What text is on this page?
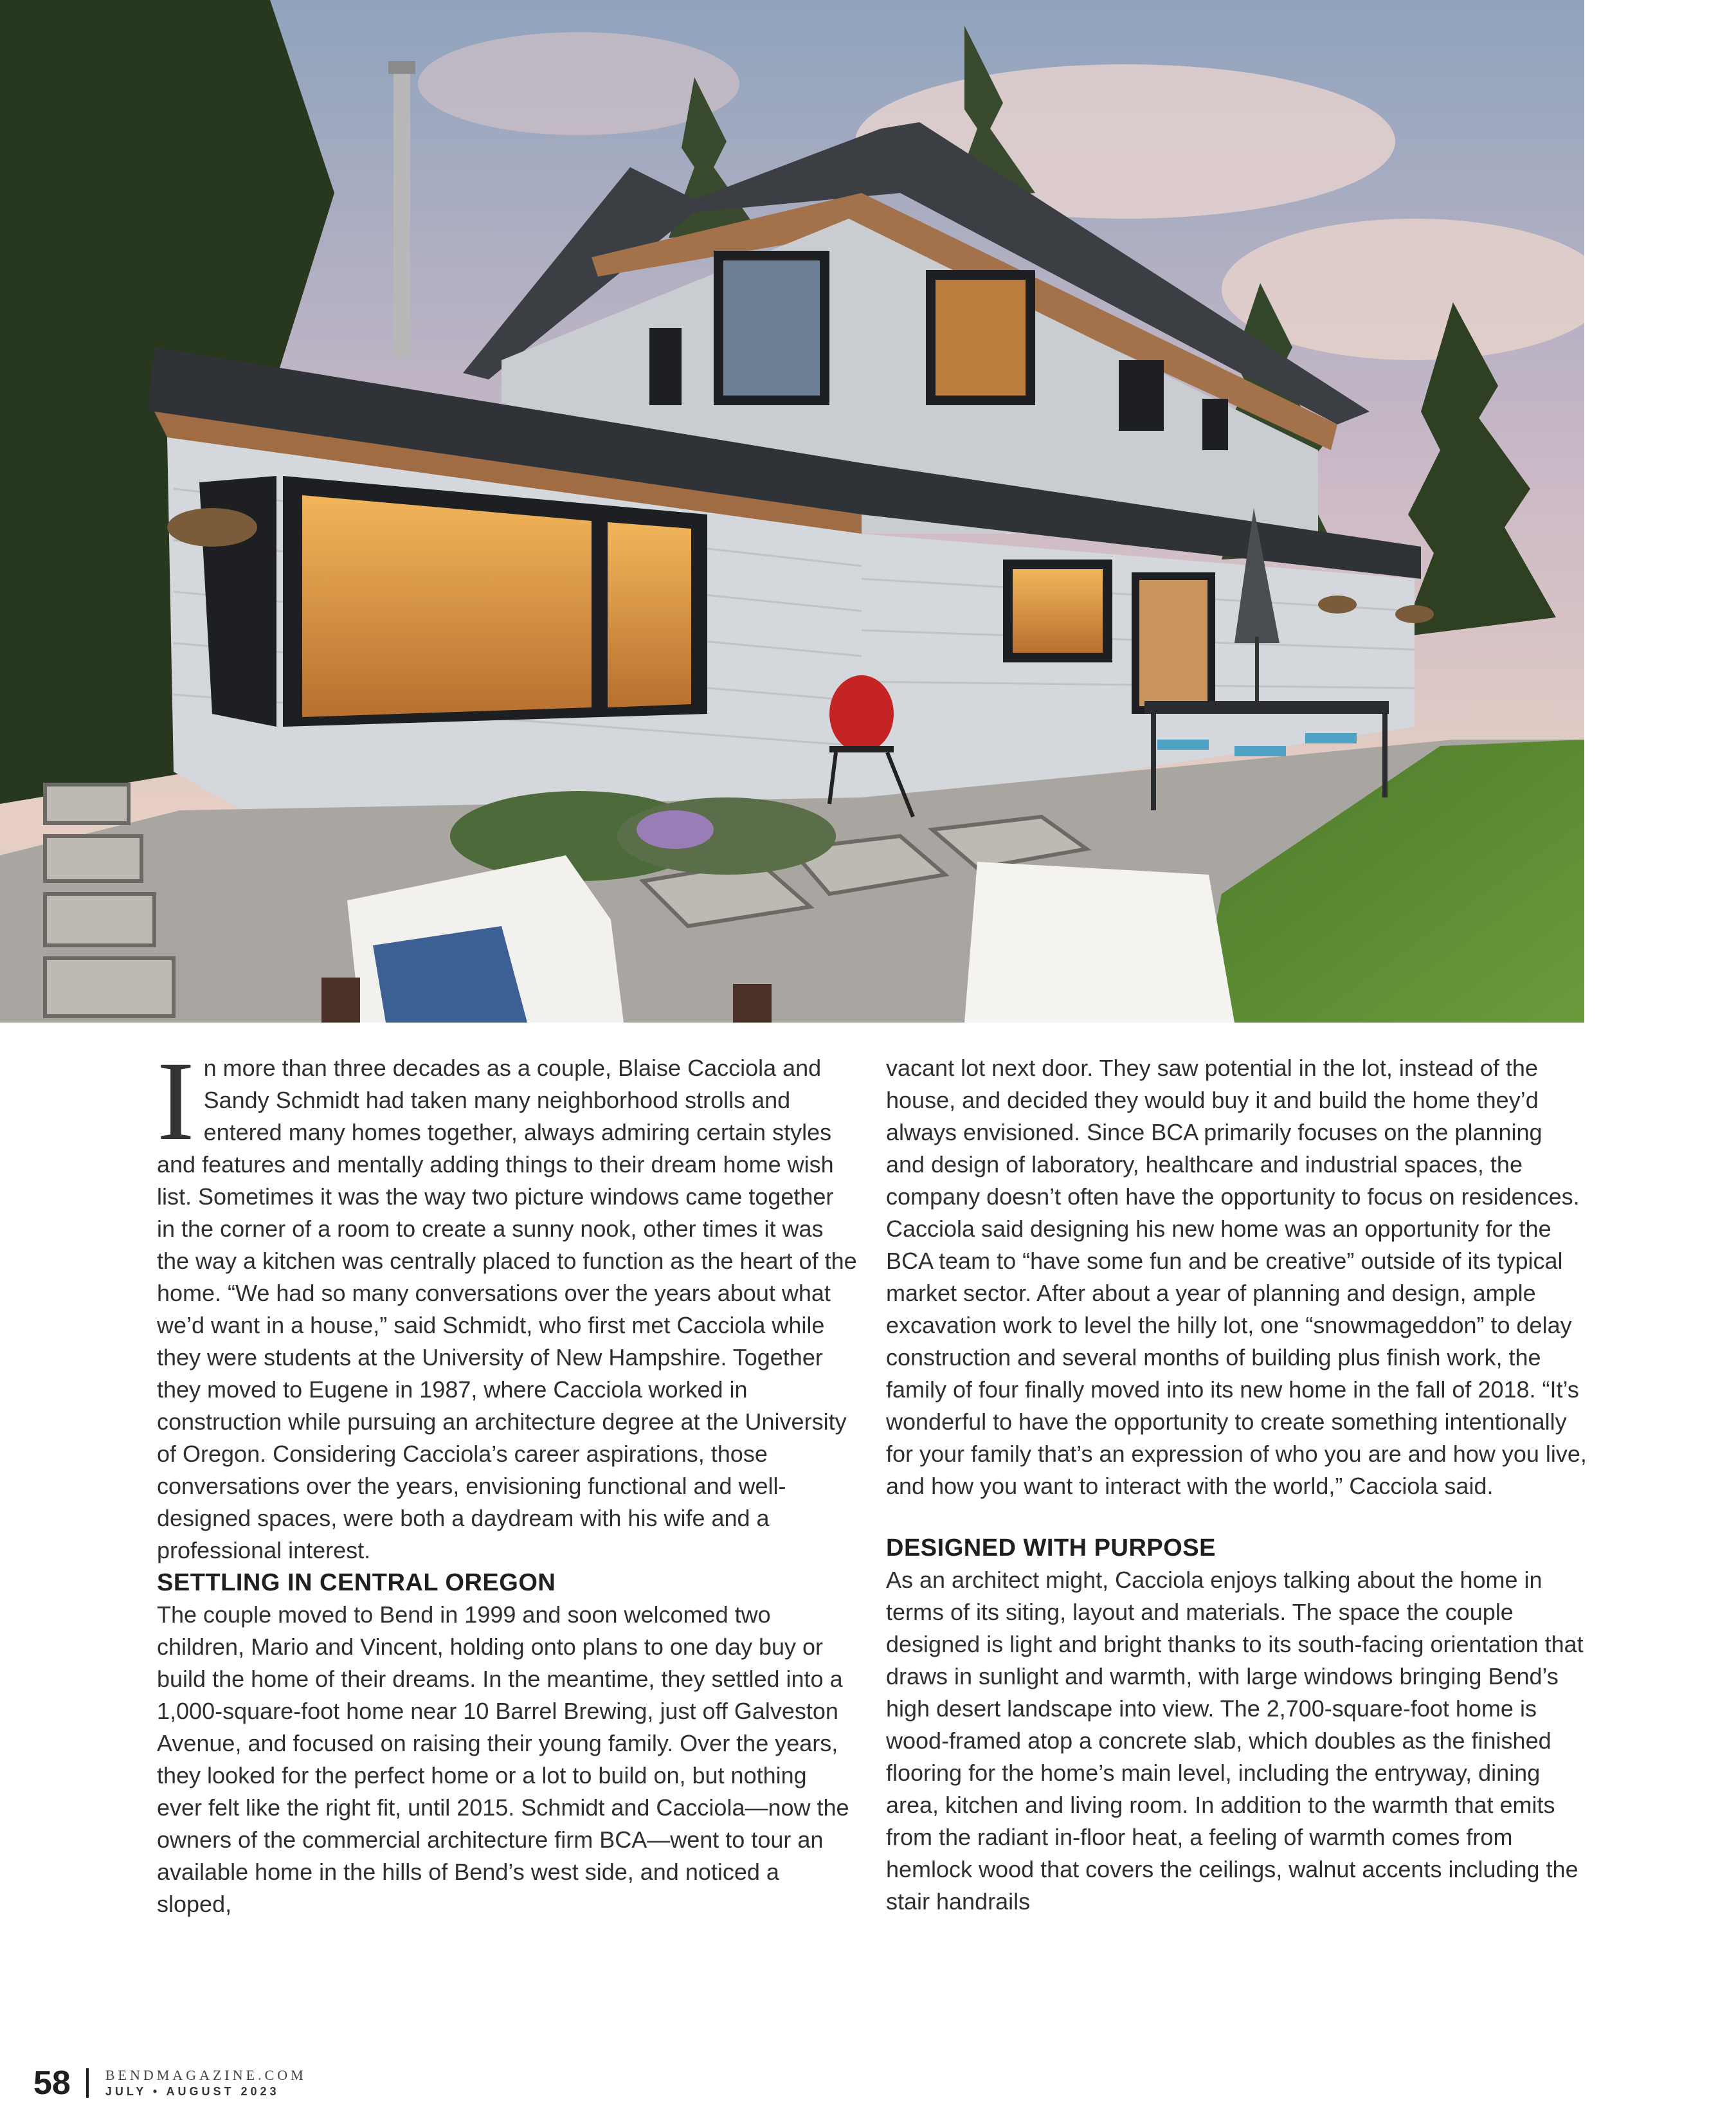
In more than three decades as a couple, Blaise Cacciola and Sandy Schmidt had taken many neighborhood strolls and entered many homes together, always admiring certain styles and features and mentally adding things to their dream home wish list. Sometimes it was the way two picture windows came together in the corner of a room to create a sunny nook, other times it was the way a kitchen was centrally placed to function as the heart of the home. “We had so many conversations over the years about what we’d want in a house,” said Schmidt, who first met Cacciola while they were students at the University of New Hampshire. Together they moved to Eugene in 1987, where Cacciola worked in construction while pursuing an architecture degree at the University of Oregon. Considering Cacciola’s career aspirations, those conversations over the years, envisioning functional and well-designed spaces, were both a daydream with his wife and a professional interest.

SETTLING IN CENTRAL OREGON

The couple moved to Bend in 1999 and soon welcomed two children, Mario and Vincent, holding onto plans to one day buy or build the home of their dreams. In the meantime, they settled into a 1,000-square-foot home near 10 Barrel Brewing, just off Galveston Avenue, and focused on raising their young family. Over the years, they looked for the perfect home or a lot to build on, but nothing ever felt like the right fit, until 2015. Schmidt and Cacciola—now the owners of the commercial architecture firm BCA—went to tour an available home in the hills of Bend’s west side, and noticed a sloped,

vacant lot next door. They saw potential in the lot, instead of the house, and decided they would buy it and build the home they’d always envisioned. Since BCA primarily focuses on the planning and design of laboratory, healthcare and industrial spaces, the company doesn’t often have the opportunity to focus on residences. Cacciola said designing his new home was an opportunity for the BCA team to “have some fun and be creative” outside of its typical market sector. After about a year of planning and design, ample excavation work to level the hilly lot, one “snowmageddon” to delay construction and several months of building plus finish work, the family of four finally moved into its new home in the fall of 2018. “It’s wonderful to have the opportunity to create something intentionally for your family that’s an expression of who you are and how you live, and how you want to interact with the world,” Cacciola said.

DESIGNED WITH PURPOSE

As an architect might, Cacciola enjoys talking about the home in terms of its siting, layout and materials. The space the couple designed is light and bright thanks to its south-facing orientation that draws in sunlight and warmth, with large windows bringing Bend’s high desert landscape into view. The 2,700-square-foot home is wood-framed atop a concrete slab, which doubles as the finished flooring for the home’s main level, including the entryway, dining area, kitchen and living room. In addition to the warmth that emits from the radiant in-floor heat, a feeling of warmth comes from hemlock wood that covers the ceilings, walnut accents including the stair handrails

58 BENDMAGAZINE.COM
JULY • AUGUST 2023
